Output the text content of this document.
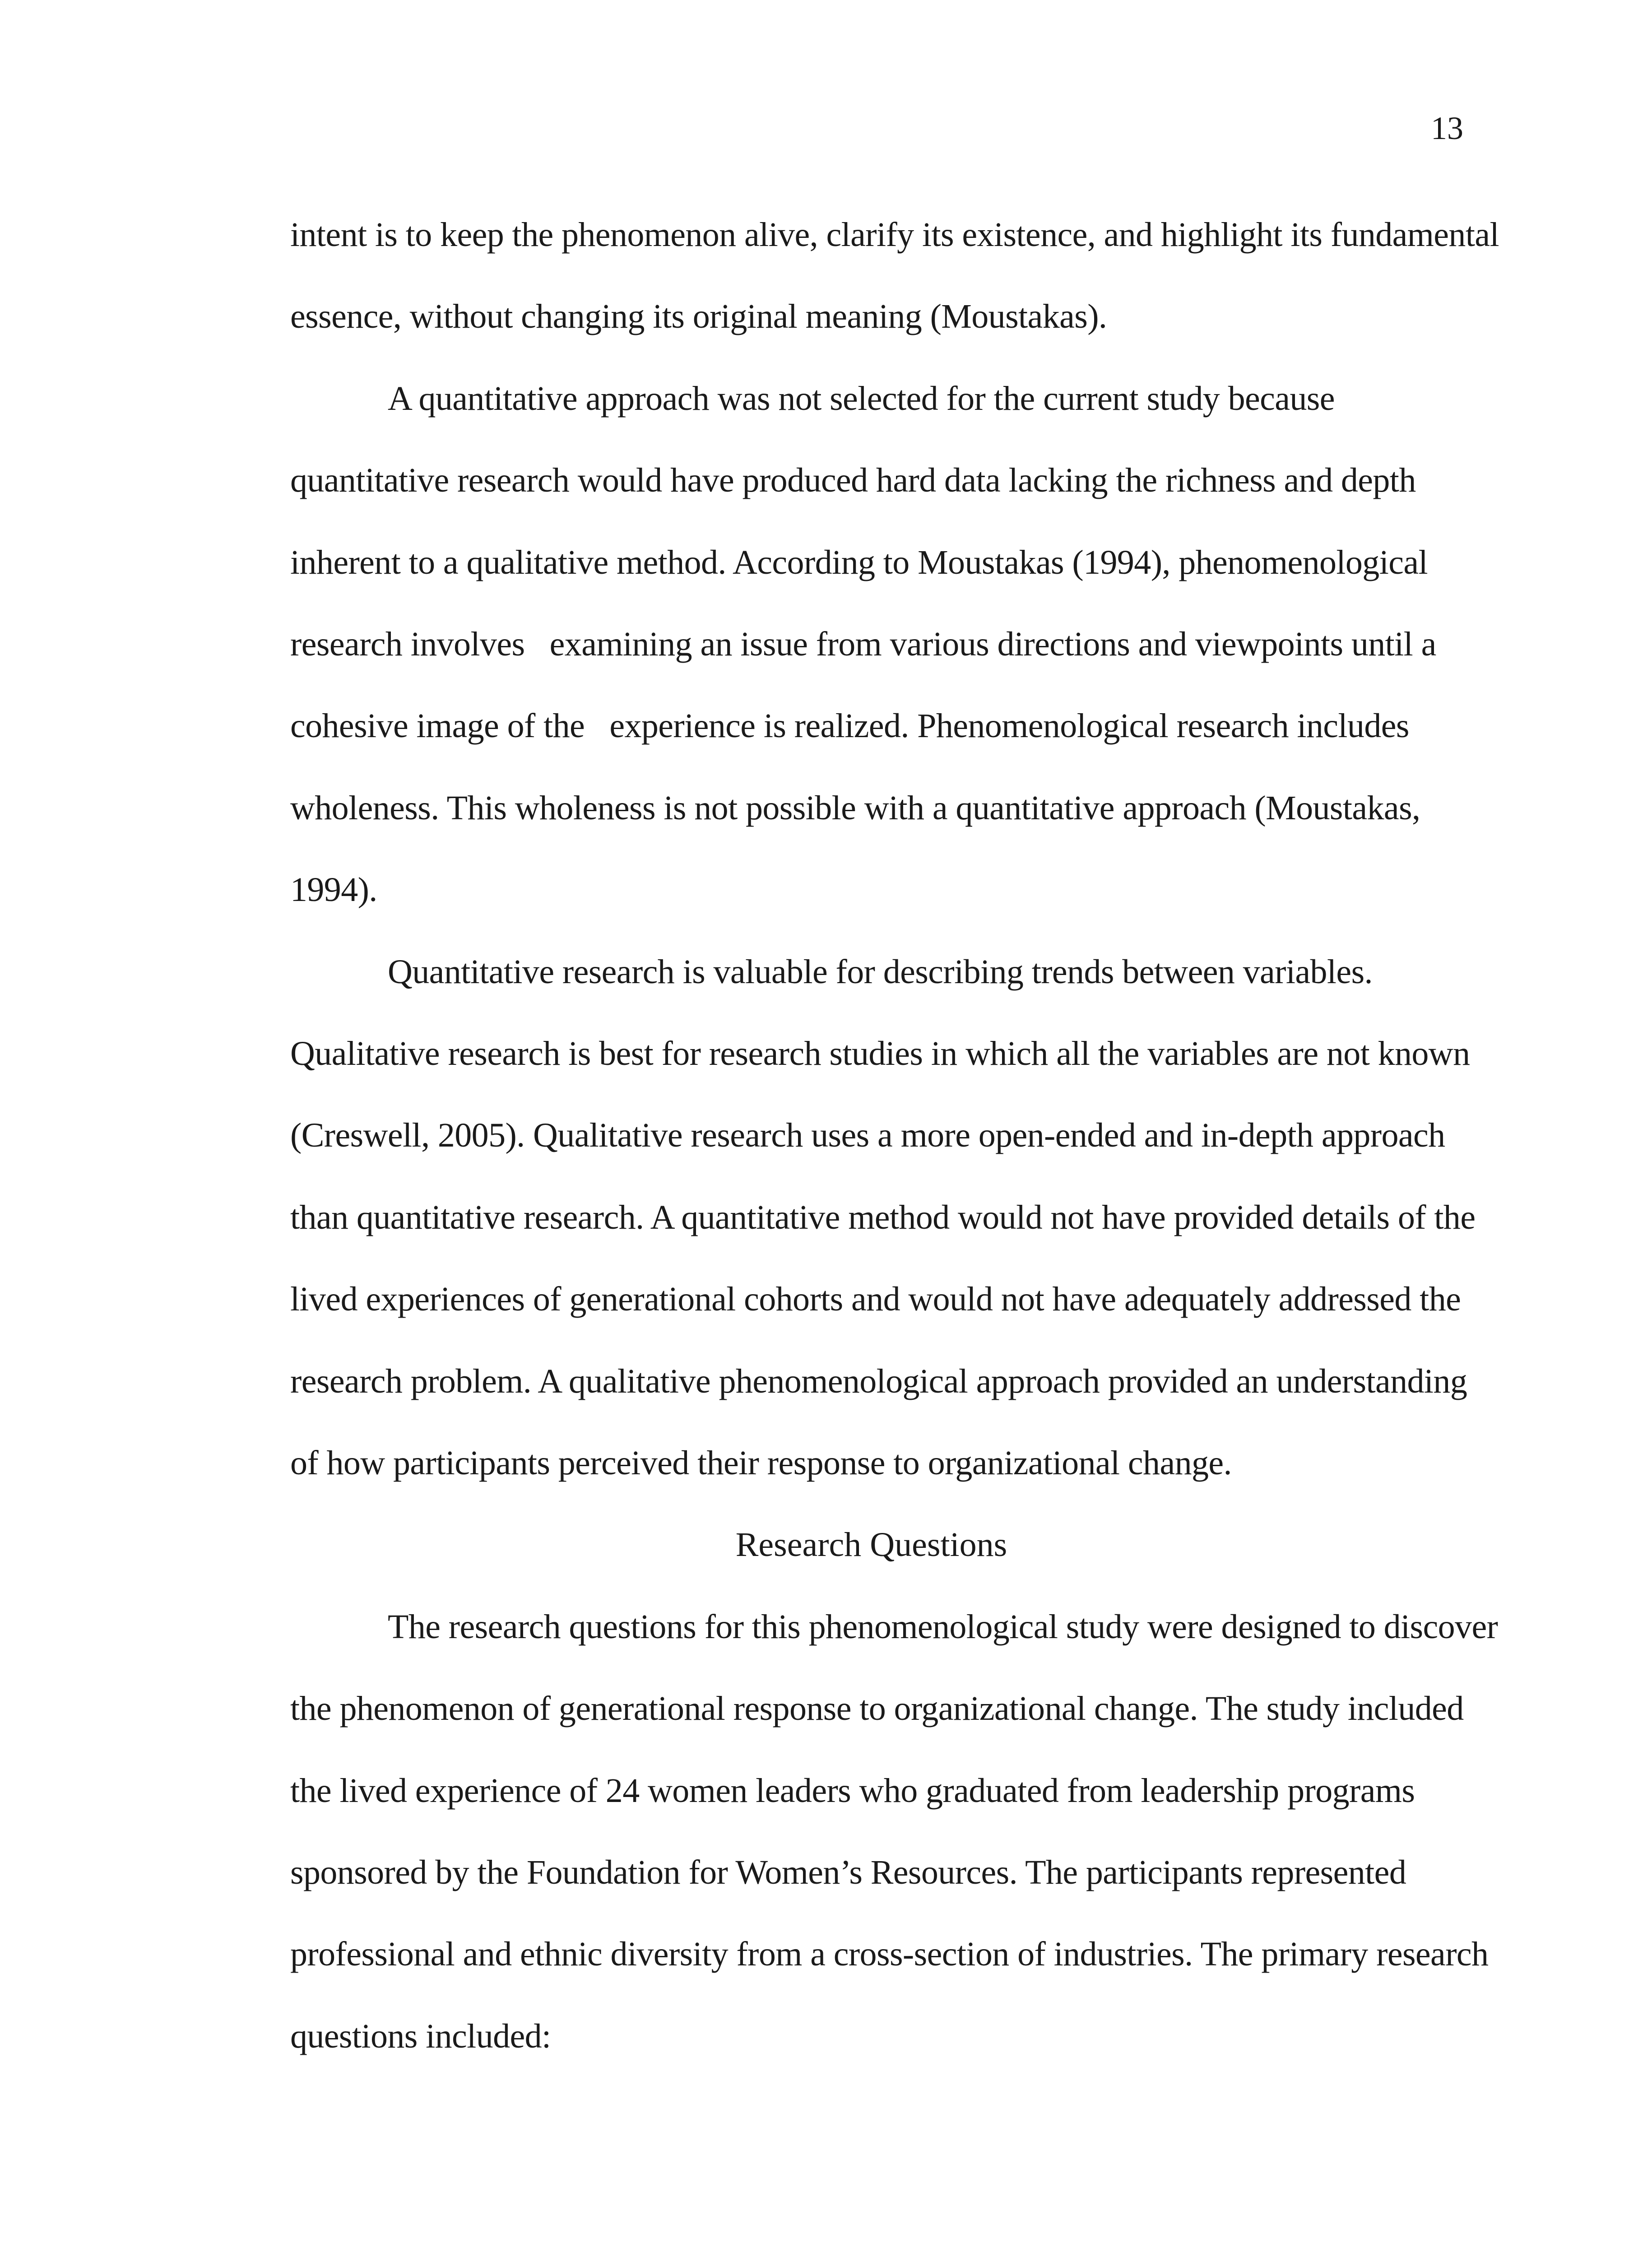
13
intent is to keep the phenomenon alive, clarify its existence, and highlight its fundamental
essence, without changing its original meaning (Moustakas).
A quantitative approach was not selected for the current study because
quantitative research would have produced hard data lacking the richness and depth
inherent to a qualitative method. According to Moustakas (1994), phenomenological
research involves   examining an issue from various directions and viewpoints until a
cohesive image of the   experience is realized. Phenomenological research includes
wholeness. This wholeness is not possible with a quantitative approach (Moustakas,
1994).
Quantitative research is valuable for describing trends between variables.
Qualitative research is best for research studies in which all the variables are not known
(Creswell, 2005). Qualitative research uses a more open-ended and in-depth approach
than quantitative research. A quantitative method would not have provided details of the
lived experiences of generational cohorts and would not have adequately addressed the
research problem. A qualitative phenomenological approach provided an understanding
of how participants perceived their response to organizational change.
Research Questions
The research questions for this phenomenological study were designed to discover
the phenomenon of generational response to organizational change. The study included
the lived experience of 24 women leaders who graduated from leadership programs
sponsored by the Foundation for Women’s Resources. The participants represented
professional and ethnic diversity from a cross-section of industries. The primary research
questions included:
